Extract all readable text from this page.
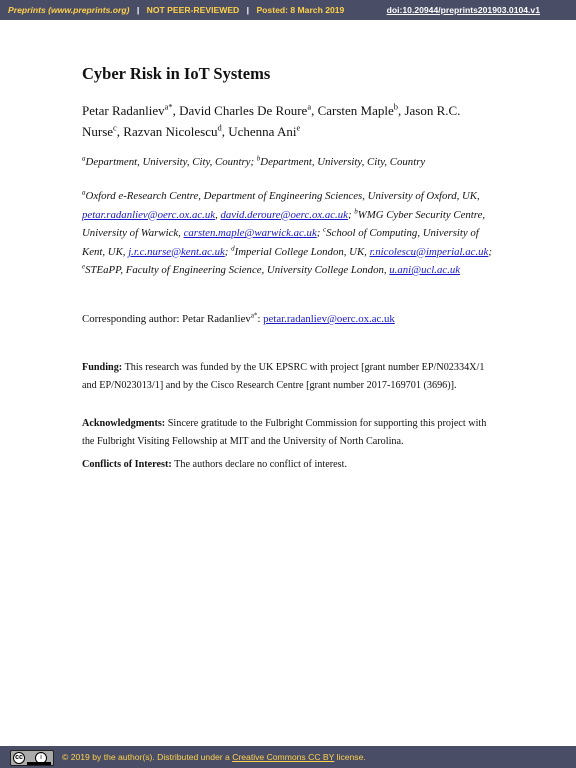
Preprints (www.preprints.org) | NOT PEER-REVIEWED | Posted: 8 March 2019	doi:10.20944/preprints201903.0104.v1
Cyber Risk in IoT Systems
Petar Radanliev$^{a*}$, David Charles De Roure$^a$, Carsten Maple$^b$, Jason R.C. Nurse$^c$, Razvan Nicolescu$^d$, Uchenna Ani$^e$
$^a$Department, University, City, Country; $^b$Department, University, City, Country
$^a$Oxford e-Research Centre, Department of Engineering Sciences, University of Oxford, UK, petar.radanliev@oerc.ox.ac.uk, david.deroure@oerc.ox.ac.uk; $^b$WMG Cyber Security Centre, University of Warwick, carsten.maple@warwick.ac.uk; $^c$School of Computing, University of Kent, UK, j.r.c.nurse@kent.ac.uk; $^d$Imperial College London, UK, r.nicolescu@imperial.ac.uk; $^e$STEaPP, Faculty of Engineering Science, University College London, u.ani@ucl.ac.uk
Corresponding author: Petar Radanliev$^{a*}$: petar.radanliev@oerc.ox.ac.uk
Funding: This research was funded by the UK EPSRC with project [grant number EP/N02334X/1 and EP/N023013/1] and by the Cisco Research Centre [grant number 2017-169701 (3696)].
Acknowledgments: Sincere gratitude to the Fulbright Commission for supporting this project with the Fulbright Visiting Fellowship at MIT and the University of North Carolina.
Conflicts of Interest: The authors declare no conflict of interest.
cc	i	© 2019 by the author(s). Distributed under a Creative Commons CC BY license.
